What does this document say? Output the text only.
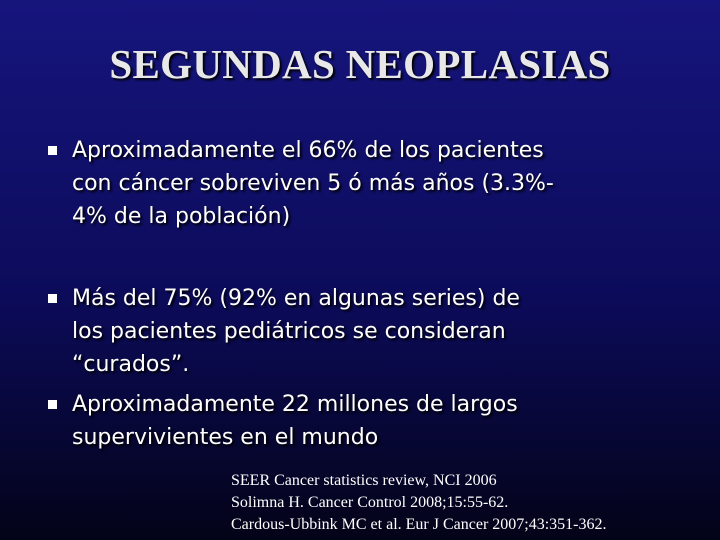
SEGUNDAS NEOPLASIAS
Aproximadamente el 66% de los pacientes
con cáncer sobreviven 5 ó más años (3.3%-
4% de la población)
Más del 75% (92% en algunas series) de
los pacientes pediátricos se consideran
“curados”.
Aproximadamente 22 millones de largos
supervivientes en el mundo
SEER Cancer statistics review, NCI 2006
Solimna H. Cancer Control 2008;15:55-62.
Cardous-Ubbink MC et al. Eur J Cancer 2007;43:351-362.
